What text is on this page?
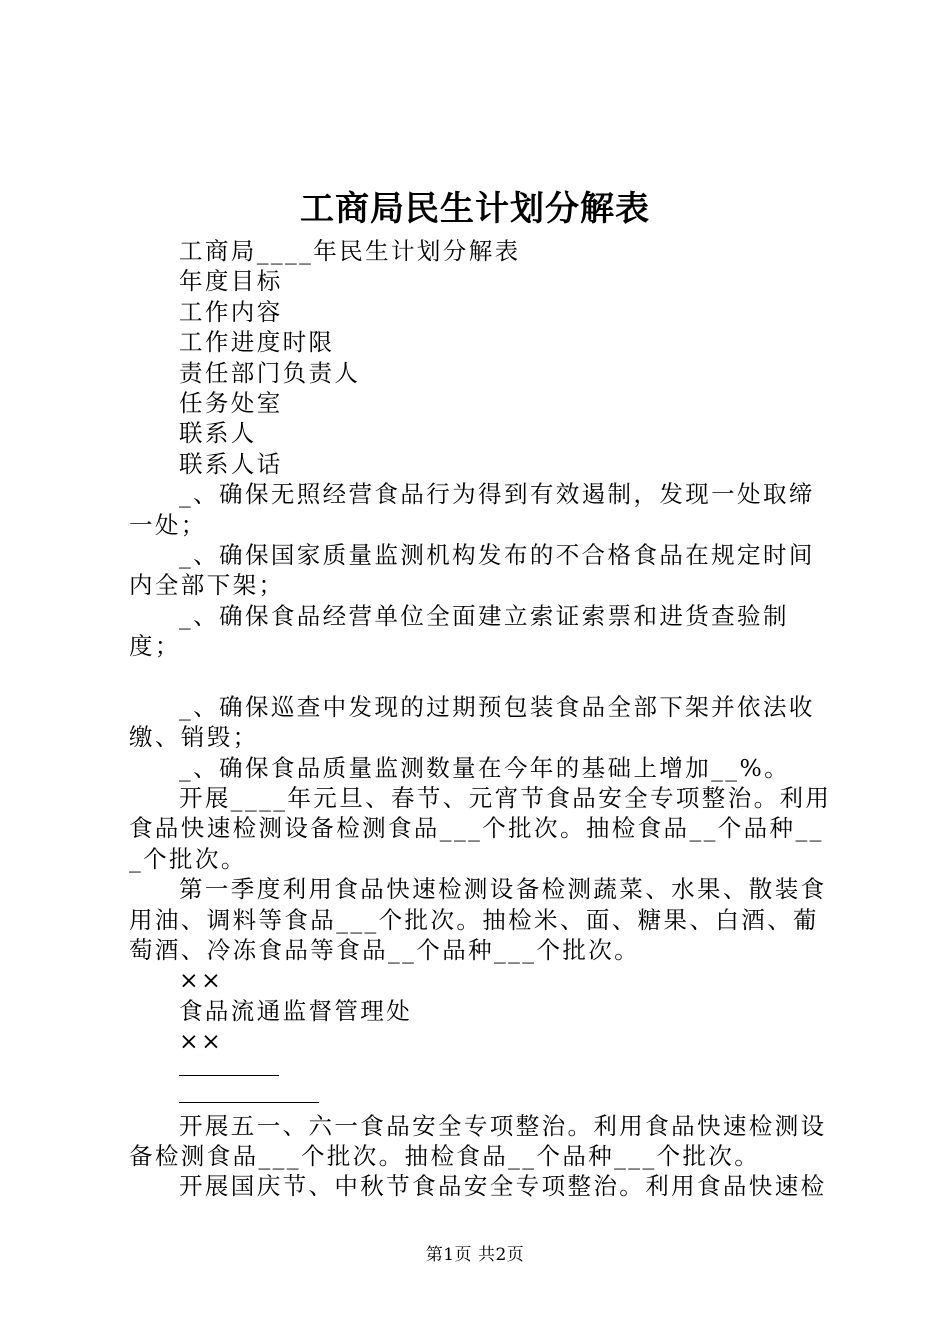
工商局民生计划分解表
工商局____年民生计划分解表
年度目标
工作内容
工作进度时限
责任部门负责人
任务处室
联系人
联系人话
_、确保无照经营食品行为得到有效遏制，发现一处取缔一处；
_、确保国家质量监测机构发布的不合格食品在规定时间内全部下架；
_、确保食品经营单位全面建立索证索票和进货查验制度；
_、确保巡查中发现的过期预包装食品全部下架并依法收缴、销毁；
_、确保食品质量监测数量在今年的基础上增加__%。
开展____年元旦、春节、元宵节食品安全专项整治。利用食品快速检测设备检测食品___个批次。抽检食品__个品种___个批次。
第一季度利用食品快速检测设备检测蔬菜、水果、散装食用油、调料等食品___个批次。抽检米、面、糖果、白酒、葡萄酒、冷冻食品等食品__个品种___个批次。
××
食品流通监督管理处
××
开展五一、六一食品安全专项整治。利用食品快速检测设备检测食品___个批次。抽检食品__个品种___个批次。
开展国庆节、中秋节食品安全专项整治。利用食品快速检
第1页 共2页
